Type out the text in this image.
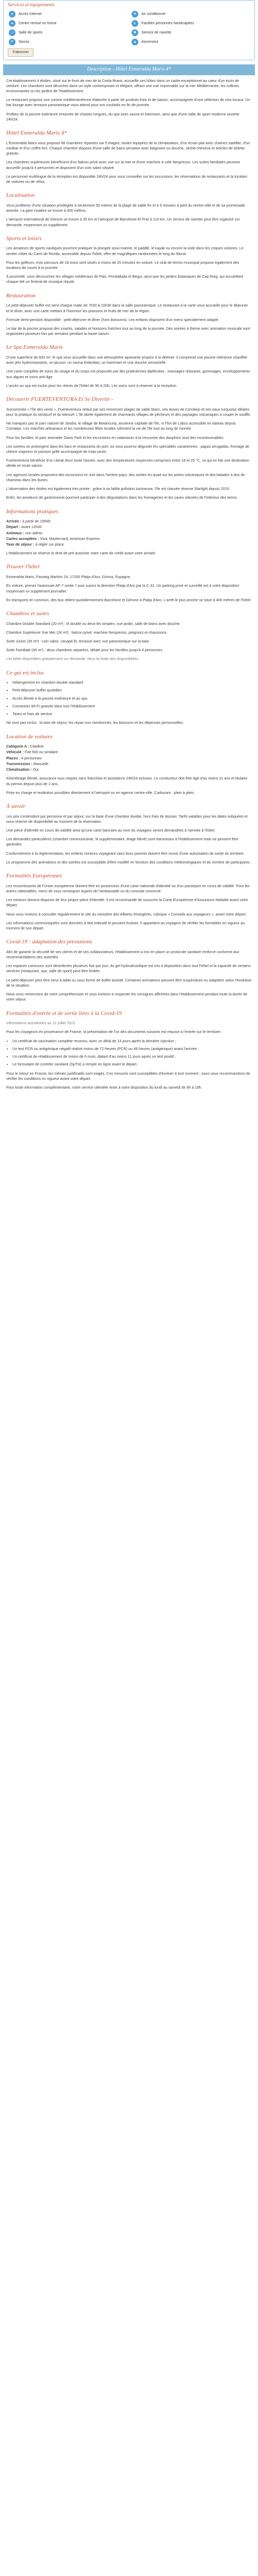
Services et équipements
●	Accès Internet	❄	Air conditionné
♠	Centre remise en forme	♿	Facilités personnes handicapées
♨	Salle de sports	✖	Service de navette
P	Sauna	▲	Ascenseur
S'abonner
Description - Hôtel Esmeralda Maris 4*

Cet établissement 4 étoiles, situé sur le front de mer de la Costa Brava, accueille ses hôtes dans un cadre exceptionnel au cœur d'un écrin de verdure. Les chambres sont décorées dans un style contemporain et élégant, offrant une vue imprenable sur la mer Méditerranée, les collines environnantes ou les jardins de l'établissement.

Le restaurant propose une cuisine méditerranéenne élaborée à partir de produits frais et de saison, accompagnée d'une sélection de vins locaux. Un bar lounge avec terrasse panoramique vous attend pour vos cocktails en fin de journée.

Profitez de la piscine extérieure entourée de chaises longues, du spa avec sauna et hammam, ainsi que d'une salle de sport moderne ouverte 24h/24.

Hôtel Esmeralda Maris 4*

L'Esmeralda Maris vous propose 86 chambres réparties sur 5 étages, toutes équipées de la climatisation, d'un écran plat avec chaînes satellite, d'un minibar et d'un coffre-fort. Chaque chambre dispose d'une salle de bains privative avec baignoire ou douche, sèche-cheveux et articles de toilette gratuits.

Les chambres supérieures bénéficient d'un balcon privé avec vue sur la mer et d'une machine à café Nespresso. Les suites familiales peuvent accueillir jusqu'à 4 personnes et disposent d'un coin salon séparé.

Le personnel multilingue de la réception est disponible 24h/24 pour vous conseiller sur les excursions, les réservations de restaurants et la location de voitures ou de vélos.

Localisation

Vous profiterez d'une situation privilégiée à seulement 50 mètres de la plage de sable fin et à 5 minutes à pied du centre-ville et de sa promenade animée. La gare routière se trouve à 400 mètres.

L'aéroport international de Gérone se trouve à 35 km et l'aéroport de Barcelone-El Prat à 110 km. Un service de navette peut être organisé sur demande, moyennant un supplément.

Sports et loisirs

Les amateurs de sports nautiques pourront pratiquer la plongée sous-marine, le paddle, le kayak ou encore la voile dans les criques voisines. Le sentier côtier du Camí de Ronda, accessible depuis l'hôtel, offre de magnifiques randonnées le long du littoral.

Pour les golfeurs, trois parcours de 18 trous sont situés à moins de 25 minutes en voiture. Le club de tennis municipal propose également des locations de courts à la journée.

À proximité, vous découvrirez les villages médiévaux de Pals, Peratallada et Begur, ainsi que les jardins botaniques de Cap Roig, qui accueillent chaque été un festival de musique réputé.

Restauration

Le petit-déjeuner buffet est servi chaque matin de 7h30 à 10h30 dans la salle panoramique. Le restaurant à la carte vous accueille pour le déjeuner et le dîner, avec une carte mettant à l'honneur les poissons et fruits de mer de la région.

Formule demi-pension disponible : petit-déjeuner et dîner (hors boissons). Les enfants disposent d'un menu spécialement adapté.

Le bar de la piscine propose des snacks, salades et boissons fraîches tout au long de la journée. Des soirées à thème avec animation musicale sont organisées plusieurs fois par semaine pendant la haute saison.

Le Spa Esmeralda Maris

D'une superficie de 600 m², le spa vous accueille dans une atmosphère apaisante propice à la détente. Il comprend une piscine intérieure chauffée avec jets hydromassants, un jacuzzi, un sauna finlandais, un hammam et une douche sensorielle.

Une carte complète de soins du visage et du corps est proposée par des praticiennes diplômées : massages relaxants, gommages, enveloppements aux algues et soins anti-âge.

L'accès au spa est inclus pour les clients de l'hôtel de 9h à 20h. Les soins sont à réserver à la réception.

Découvrir FUERTEVENTURA Et Se Divertir -

Surnommée « l'île des vents », Fuerteventura séduit par ses immenses plages de sable blanc, ses dunes de Corralejo et ses eaux turquoise idéales pour la pratique du windsurf et du kitesurf. L'île abrite également de charmants villages de pêcheurs et des paysages volcaniques à couper le souffle.

Ne manquez pas le parc naturel de Jandía, le village de Betancuria, ancienne capitale de l'île, ni l'îlot de Lobos accessible en bateau depuis Corralejo. Les marchés artisanaux et les nombreuses fêtes locales rythment la vie de l'île tout au long de l'année.

Pour les familles, le parc animalier Oasis Park et les excursions en catamaran à la rencontre des dauphins sont des incontournables.

Les soirées se prolongent dans les bars et restaurants du port, où vous pourrez déguster les spécialités canariennes : papas arrugadas, fromage de chèvre majorero et poisson grillé accompagné de mojo picón.

Fuerteventura bénéficie d'un climat doux toute l'année, avec des températures moyennes comprises entre 18 et 25 °C, ce qui en fait une destination idéale en toute saison.

Les agences locales proposent des excursions en 4x4 dans l'arrière-pays, des sorties en quad sur les pistes volcaniques et des balades à dos de chameau dans les dunes.

L'observation des étoiles est également très prisée : grâce à sa faible pollution lumineuse, l'île est classée réserve Starlight depuis 2015.

Enfin, les amateurs de gastronomie pourront participer à des dégustations dans les fromageries et les caves viticoles de l'intérieur des terres.

Informations pratiques
Arrivée : à partir de 15h00
Départ : avant 12h00
Animaux : non admis
Cartes acceptées : Visa, Mastercard, American Express
Taxe de séjour : à régler sur place

L'établissement se réserve le droit de pré-autoriser votre carte de crédit avant votre arrivée.

Trouver l'hôtel

Esmeralda Maris, Passeig Marítim 24, 17250 Platja d'Aro, Girona, Espagne.

En voiture, prenez l'autoroute AP-7 sortie 7 puis suivez la direction Platja d'Aro par la C-31. Un parking privé et surveillé est à votre disposition moyennant un supplément journalier.

En transports en commun, des bus relient quotidiennement Barcelone et Gérone à Platja d'Aro. L'arrêt le plus proche se situe à 400 mètres de l'hôtel.

Chambres et suites

Chambre Double Standard (20 m²) : lit double ou deux lits simples, vue jardin, salle de bains avec douche.

Chambre Supérieure Vue Mer (24 m²) : balcon privé, machine Nespresso, peignoirs et chaussons.

Suite Junior (35 m²) : coin salon, canapé-lit, terrasse avec vue panoramique sur la baie.

Suite Familiale (45 m²) : deux chambres séparées, idéale pour les familles jusqu'à 4 personnes.

Lits bébé disponibles gratuitement sur demande, dans la limite des disponibilités.

Ce qui est inclus
• Hébergement en chambre double standard
• Petit-déjeuner buffet quotidien
• Accès illimité à la piscine extérieure et au spa
• Connexion Wi-Fi gratuite dans tout l'établissement
• Taxes et frais de service

Ne sont pas inclus : la taxe de séjour, les repas non mentionnés, les boissons et les dépenses personnelles.

Location de voitures
Catégorie A : Citadine
Véhicule : Fiat 500 ou similaire
Places : 4 personnes
Transmission : Manuelle
Climatisation : Oui

Kilométrage illimité, assurance tous risques sans franchise et assistance 24h/24 incluses. Le conducteur doit être âgé d'au moins 21 ans et titulaire du permis depuis plus de 2 ans.

Prise en charge et restitution possibles directement à l'aéroport ou en agence centre-ville. Carburant : plein à plein.

À savoir

Les prix s'entendent par personne et par séjour, sur la base d'une chambre double, hors frais de dossier. Tarifs valables pour les dates indiquées et sous réserve de disponibilité au moment de la réservation.

Une pièce d'identité en cours de validité ainsi qu'une carte bancaire au nom du voyageur seront demandées à l'arrivée à l'hôtel.

Les demandes particulières (chambre communicante, lit supplémentaire, étage élevé) sont transmises à l'établissement mais ne peuvent être garanties.

Conformément à la réglementation, les enfants mineurs voyageant sans leurs parents doivent être munis d'une autorisation de sortie du territoire.

Le programme des animations et des soirées est susceptible d'être modifié en fonction des conditions météorologiques et du nombre de participants.

Formalités Européennes

Les ressortissants de l'Union européenne doivent être en possession d'une carte nationale d'identité ou d'un passeport en cours de validité. Pour les autres nationalités, merci de vous renseigner auprès de l'ambassade ou du consulat concerné.

Les mineurs doivent disposer de leur propre pièce d'identité. Il est recommandé de souscrire la Carte Européenne d'Assurance Maladie avant votre départ.

Nous vous invitons à consulter régulièrement le site du ministère des Affaires étrangères, rubrique « Conseils aux voyageurs », avant votre départ.

Les informations communiquées sont données à titre indicatif et peuvent évoluer. Il appartient au voyageur de vérifier les formalités en vigueur au moment de son départ.

Covid-19 : adaptation des prestations

Afin de garantir la sécurité de ses clients et de ses collaborateurs, l'établissement a mis en place un protocole sanitaire renforcé conforme aux recommandations des autorités.

Les espaces communs sont désinfectés plusieurs fois par jour, du gel hydroalcoolique est mis à disposition dans tout l'hôtel et la capacité de certains services (restaurant, spa, salle de sport) peut être limitée.

Le petit-déjeuner peut être servi à table ou sous forme de buffet assisté. Certaines animations peuvent être suspendues ou adaptées selon l'évolution de la situation.

Nous vous remercions de votre compréhension et vous invitons à respecter les consignes affichées dans l'établissement pendant toute la durée de votre séjour.

Formalités d'entrée et de sortie liées à la Covid-19

Informations actualisées au 12 juillet 2021

Pour les voyageurs en provenance de France, la présentation de l'un des documents suivants est requise à l'entrée sur le territoire :

• Un certificat de vaccination complète reconnu, avec un délai de 14 jours après la dernière injection ;
• Un test PCR ou antigénique négatif réalisé moins de 72 heures (PCR) ou 48 heures (antigénique) avant l'arrivée ;
• Un certificat de rétablissement de moins de 6 mois, datant d'au moins 11 jours après un test positif ;
• Le formulaire de contrôle sanitaire (SpTH) à remplir en ligne avant le départ.

Pour le retour en France, les mêmes justificatifs sont exigés. Ces mesures sont susceptibles d'évoluer à tout moment ; nous vous recommandons de vérifier les conditions en vigueur avant votre départ.

Pour toute information complémentaire, notre service clientèle reste à votre disposition du lundi au samedi de 9h à 19h.
